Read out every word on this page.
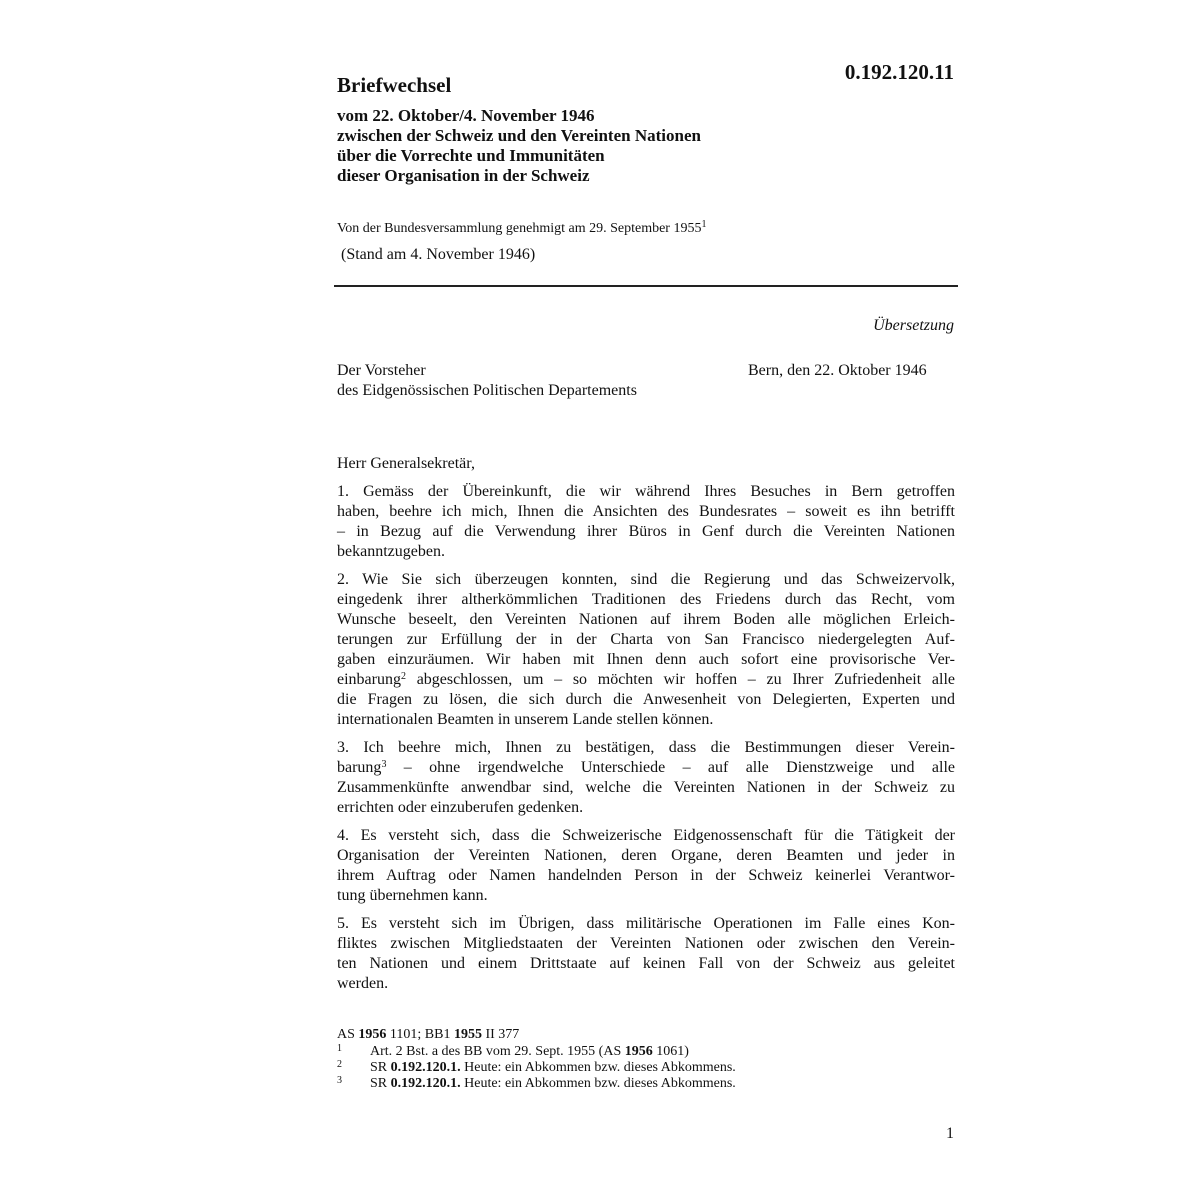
0.192.120.11

Briefwechsel
vom 22. Oktober/4. November 1946
zwischen der Schweiz und den Vereinten Nationen
über die Vorrechte und Immunitäten
dieser Organisation in der Schweiz

Von der Bundesversammlung genehmigt am 29. September 1955$^1$

(Stand am 4. November 1946)

Übersetzung

Der Vorsteher
des Eidgenössischen Politischen Departements

Bern, den 22. Oktober 1946

Herr Generalsekretär,

1. Gemäss der Übereinkunft, die wir während Ihres Besuches in Bern getroffen
haben, beehre ich mich, Ihnen die Ansichten des Bundesrates – soweit es ihn betrifft
– in Bezug auf die Verwendung ihrer Büros in Genf durch die Vereinten Nationen
bekanntzugeben.

2. Wie Sie sich überzeugen konnten, sind die Regierung und das Schweizervolk,
eingedenk ihrer altherkömmlichen Traditionen des Friedens durch das Recht, vom
Wunsche beseelt, den Vereinten Nationen auf ihrem Boden alle möglichen Erleich-
terungen zur Erfüllung der in der Charta von San Francisco niedergelegten Auf-
gaben einzuräumen. Wir haben mit Ihnen denn auch sofort eine provisorische Ver-
einbarung$^2$ abgeschlossen, um – so möchten wir hoffen – zu Ihrer Zufriedenheit alle
die Fragen zu lösen, die sich durch die Anwesenheit von Delegierten, Experten und
internationalen Beamten in unserem Lande stellen können.

3. Ich beehre mich, Ihnen zu bestätigen, dass die Bestimmungen dieser Verein-
barung$^3$ – ohne irgendwelche Unterschiede – auf alle Dienstzweige und alle
Zusammenkünfte anwendbar sind, welche die Vereinten Nationen in der Schweiz zu
errichten oder einzuberufen gedenken.

4. Es versteht sich, dass die Schweizerische Eidgenossenschaft für die Tätigkeit der
Organisation der Vereinten Nationen, deren Organe, deren Beamten und jeder in
ihrem Auftrag oder Namen handelnden Person in der Schweiz keinerlei Verantwor-
tung übernehmen kann.

5. Es versteht sich im Übrigen, dass militärische Operationen im Falle eines Kon-
fliktes zwischen Mitgliedstaaten der Vereinten Nationen oder zwischen den Verein-
ten Nationen und einem Drittstaate auf keinen Fall von der Schweiz aus geleitet
werden.

AS 1956 1101; BB1 1955 II 377

1 Art. 2 Bst. a des BB vom 29. Sept. 1955 (AS 1956 1061)
2 SR 0.192.120.1. Heute: ein Abkommen bzw. dieses Abkommens.
3 SR 0.192.120.1. Heute: ein Abkommen bzw. dieses Abkommens.

1
